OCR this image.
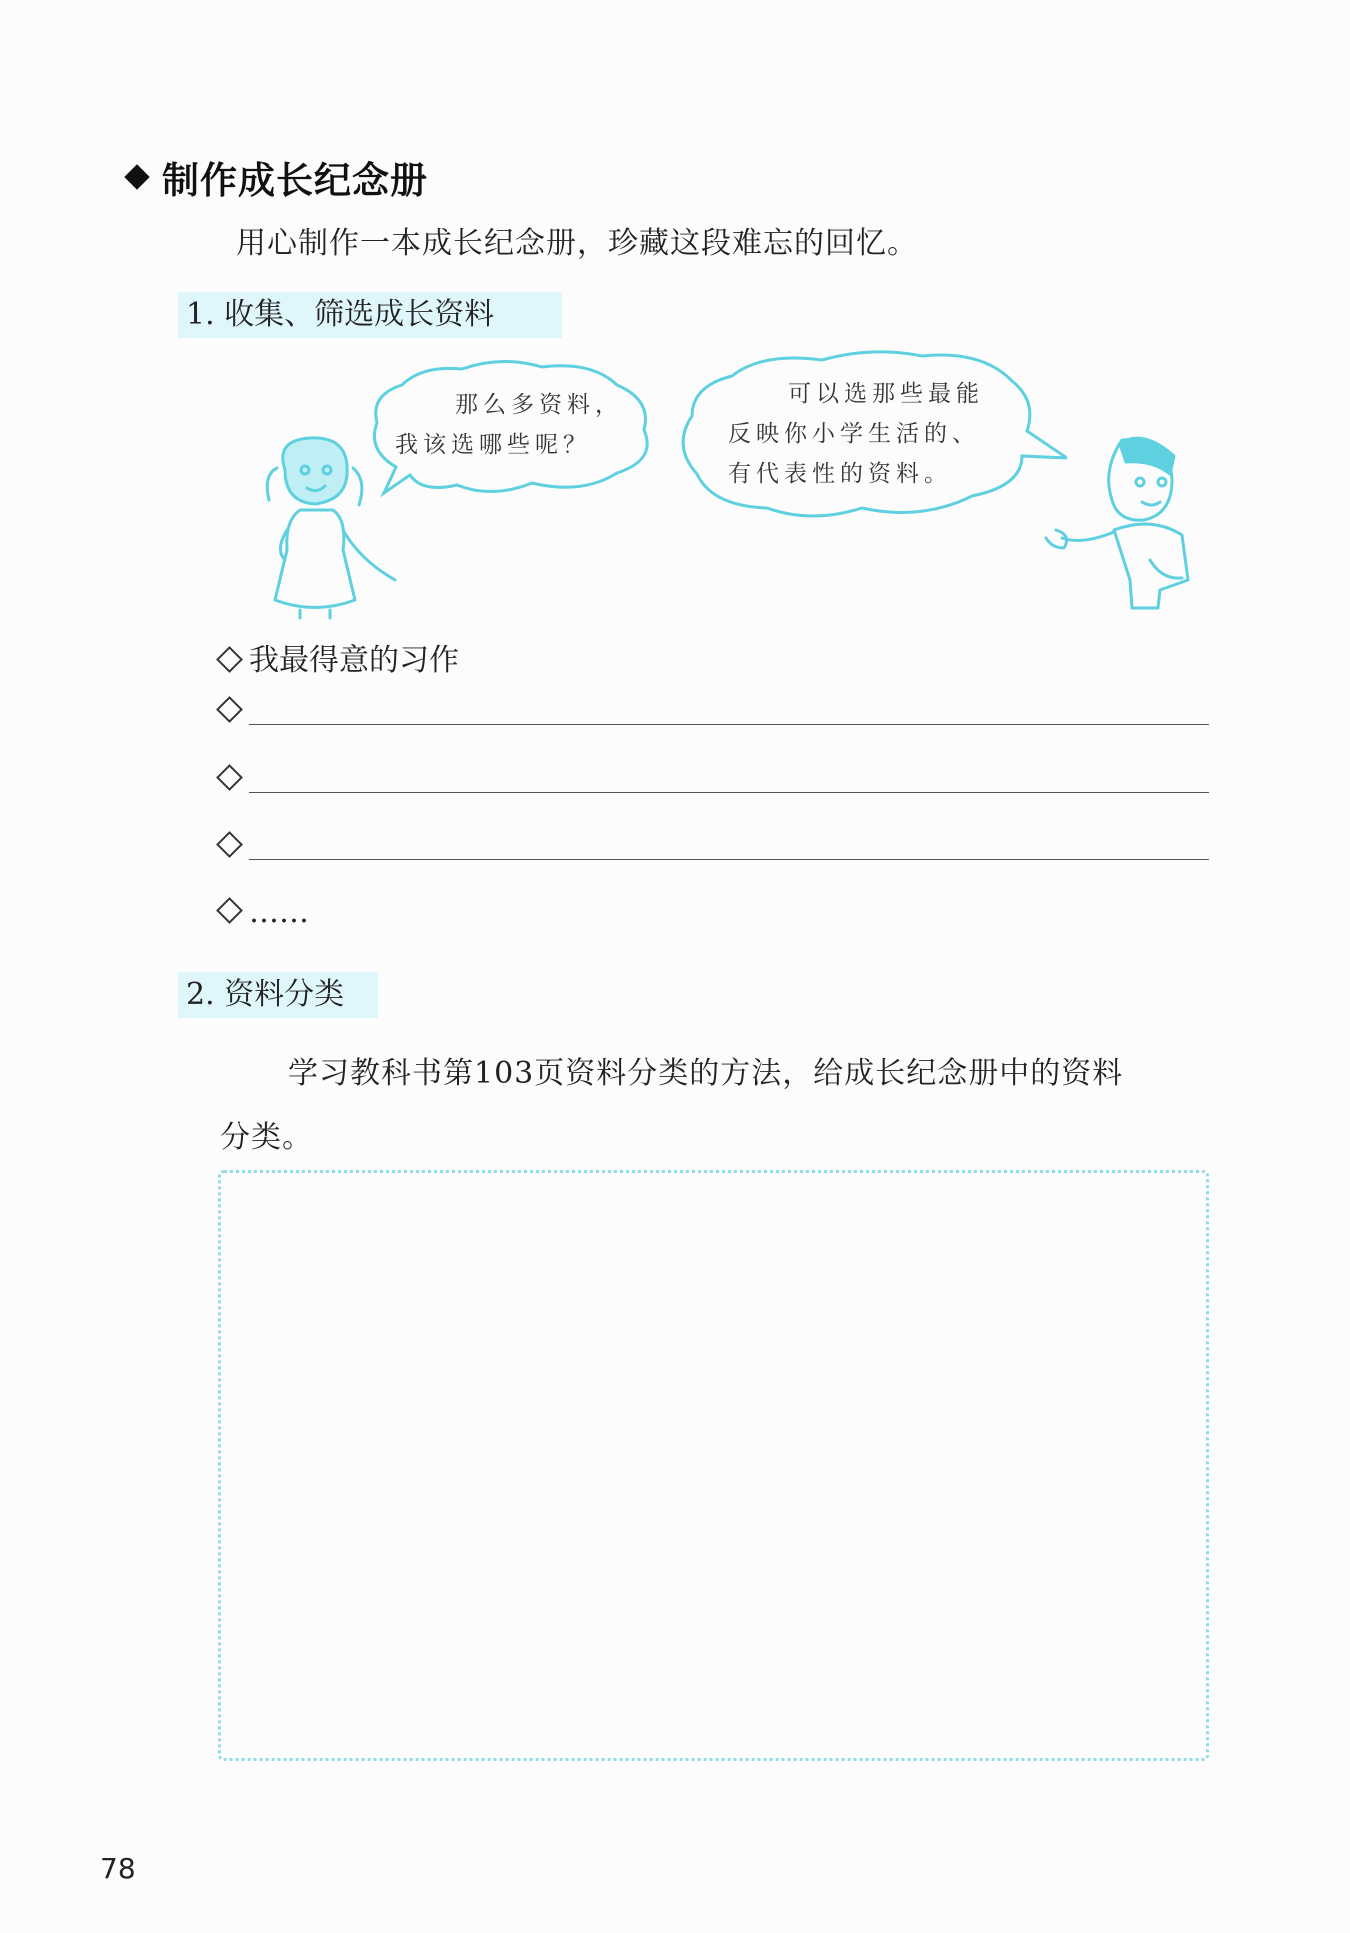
制作成长纪念册
用心制作一本成长纪念册，珍藏这段难忘的回忆。
1. 收集、筛选成长资料
那么多资料，
我该选哪些呢？
可以选那些最能
反映你小学生活的、
有代表性的资料。
我最得意的习作
……
2. 资料分类
学习教科书第103页资料分类的方法，给成长纪念册中的资料
分类。
78
